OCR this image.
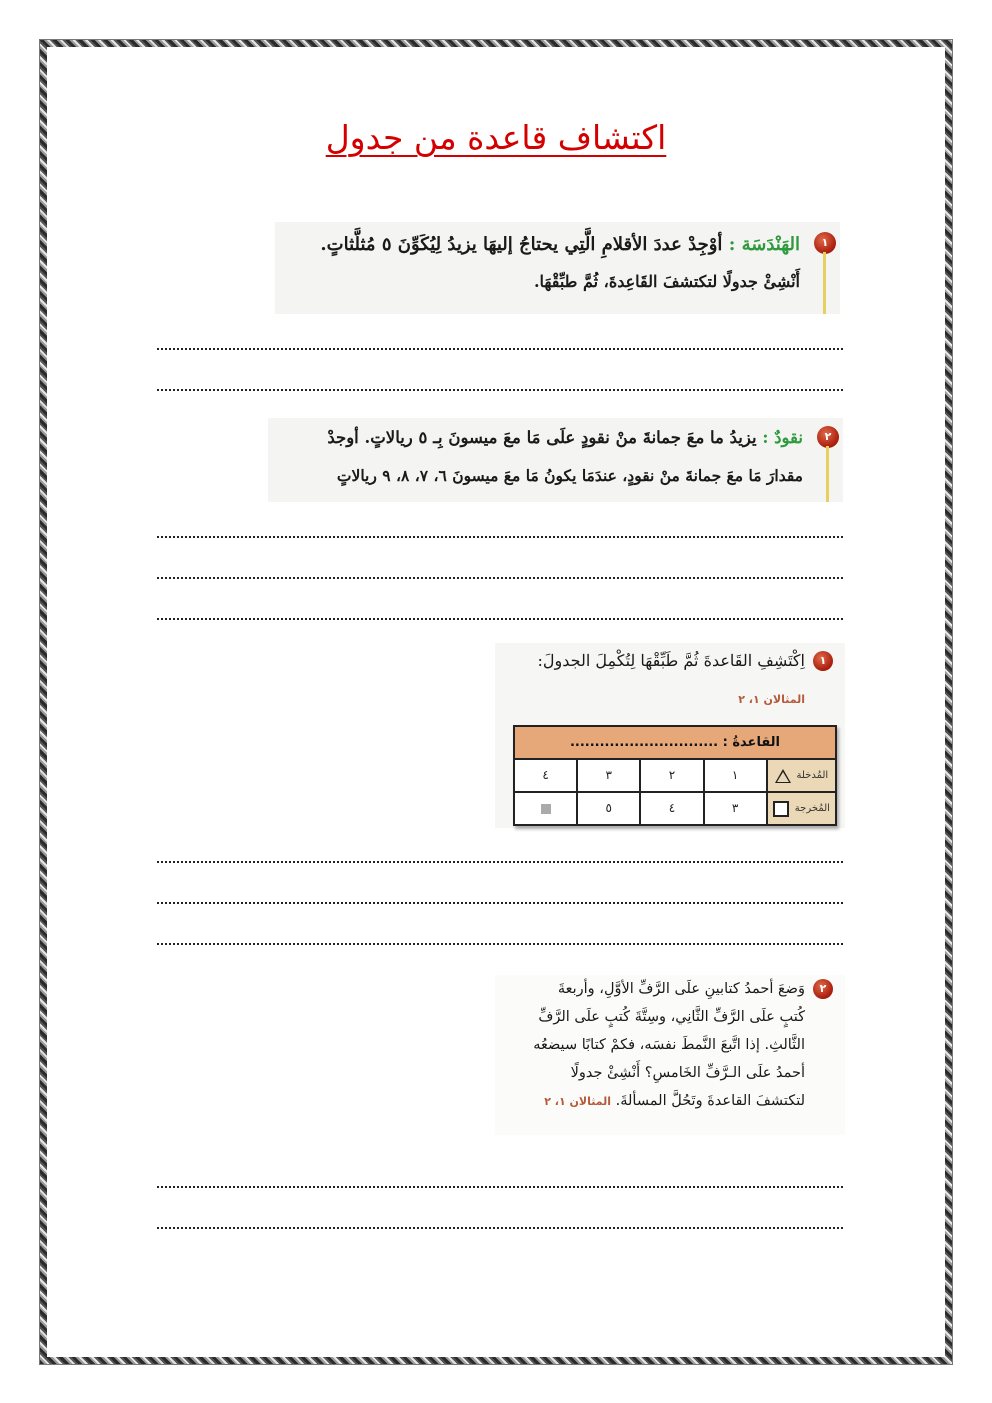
اكتشاف قاعدة من جدول
١
الهَنْدَسَة : أوْجِدْ عددَ الأقلامِ الَّتِي يحتاجُ إليهَا يزيدُ لِيُكَوِّنَ ٥ مُثلَّثاتٍ.
أَنْشِئْ جدولًا لتكتشفَ القَاعِدةَ، ثُمَّ طبِّقْهَا.
٢
نقودٌ : يزيدُ ما معَ جمانةَ منْ نقودٍ علَى مَا معَ ميسونَ بِـ ٥ ريالاتٍ. أوجدْ
مقدارَ مَا معَ جمانةَ منْ نقودٍ، عندَمَا يكونُ مَا معَ ميسونَ ٦، ٧، ٨، ٩ ريالاتٍ
١
اِكْتَشِفِ القَاعدةَ ثُمَّ طَبِّقْهَا لِتُكْمِلَ الجدولَ:
المثالان ١، ٢
القاعدةُ : ..............................
المُدخلة
١
٢
٣
٤
المُخرجة
٣
٤
٥
٢
وَضعَ أحمدُ كتابينِ علَى الرَّفِّ الأوَّلِ، وأربعةَ
كُتبٍ علَى الرَّفِّ الثَّانِي، وسِتَّةَ كُتبٍ علَى الرَّفِّ
الثَّالثِ. إذا اتَّبعَ النَّمطَ نفسَه، فكمْ كتابًا سيضعُه
أحمدُ علَى الـرَّفِّ الخَامسِ؟ أَنْشِئْ جدولًا
لتكتشفَ القاعدةَ وتَحُلَّ المسألةَ. المثالان ١، ٢
